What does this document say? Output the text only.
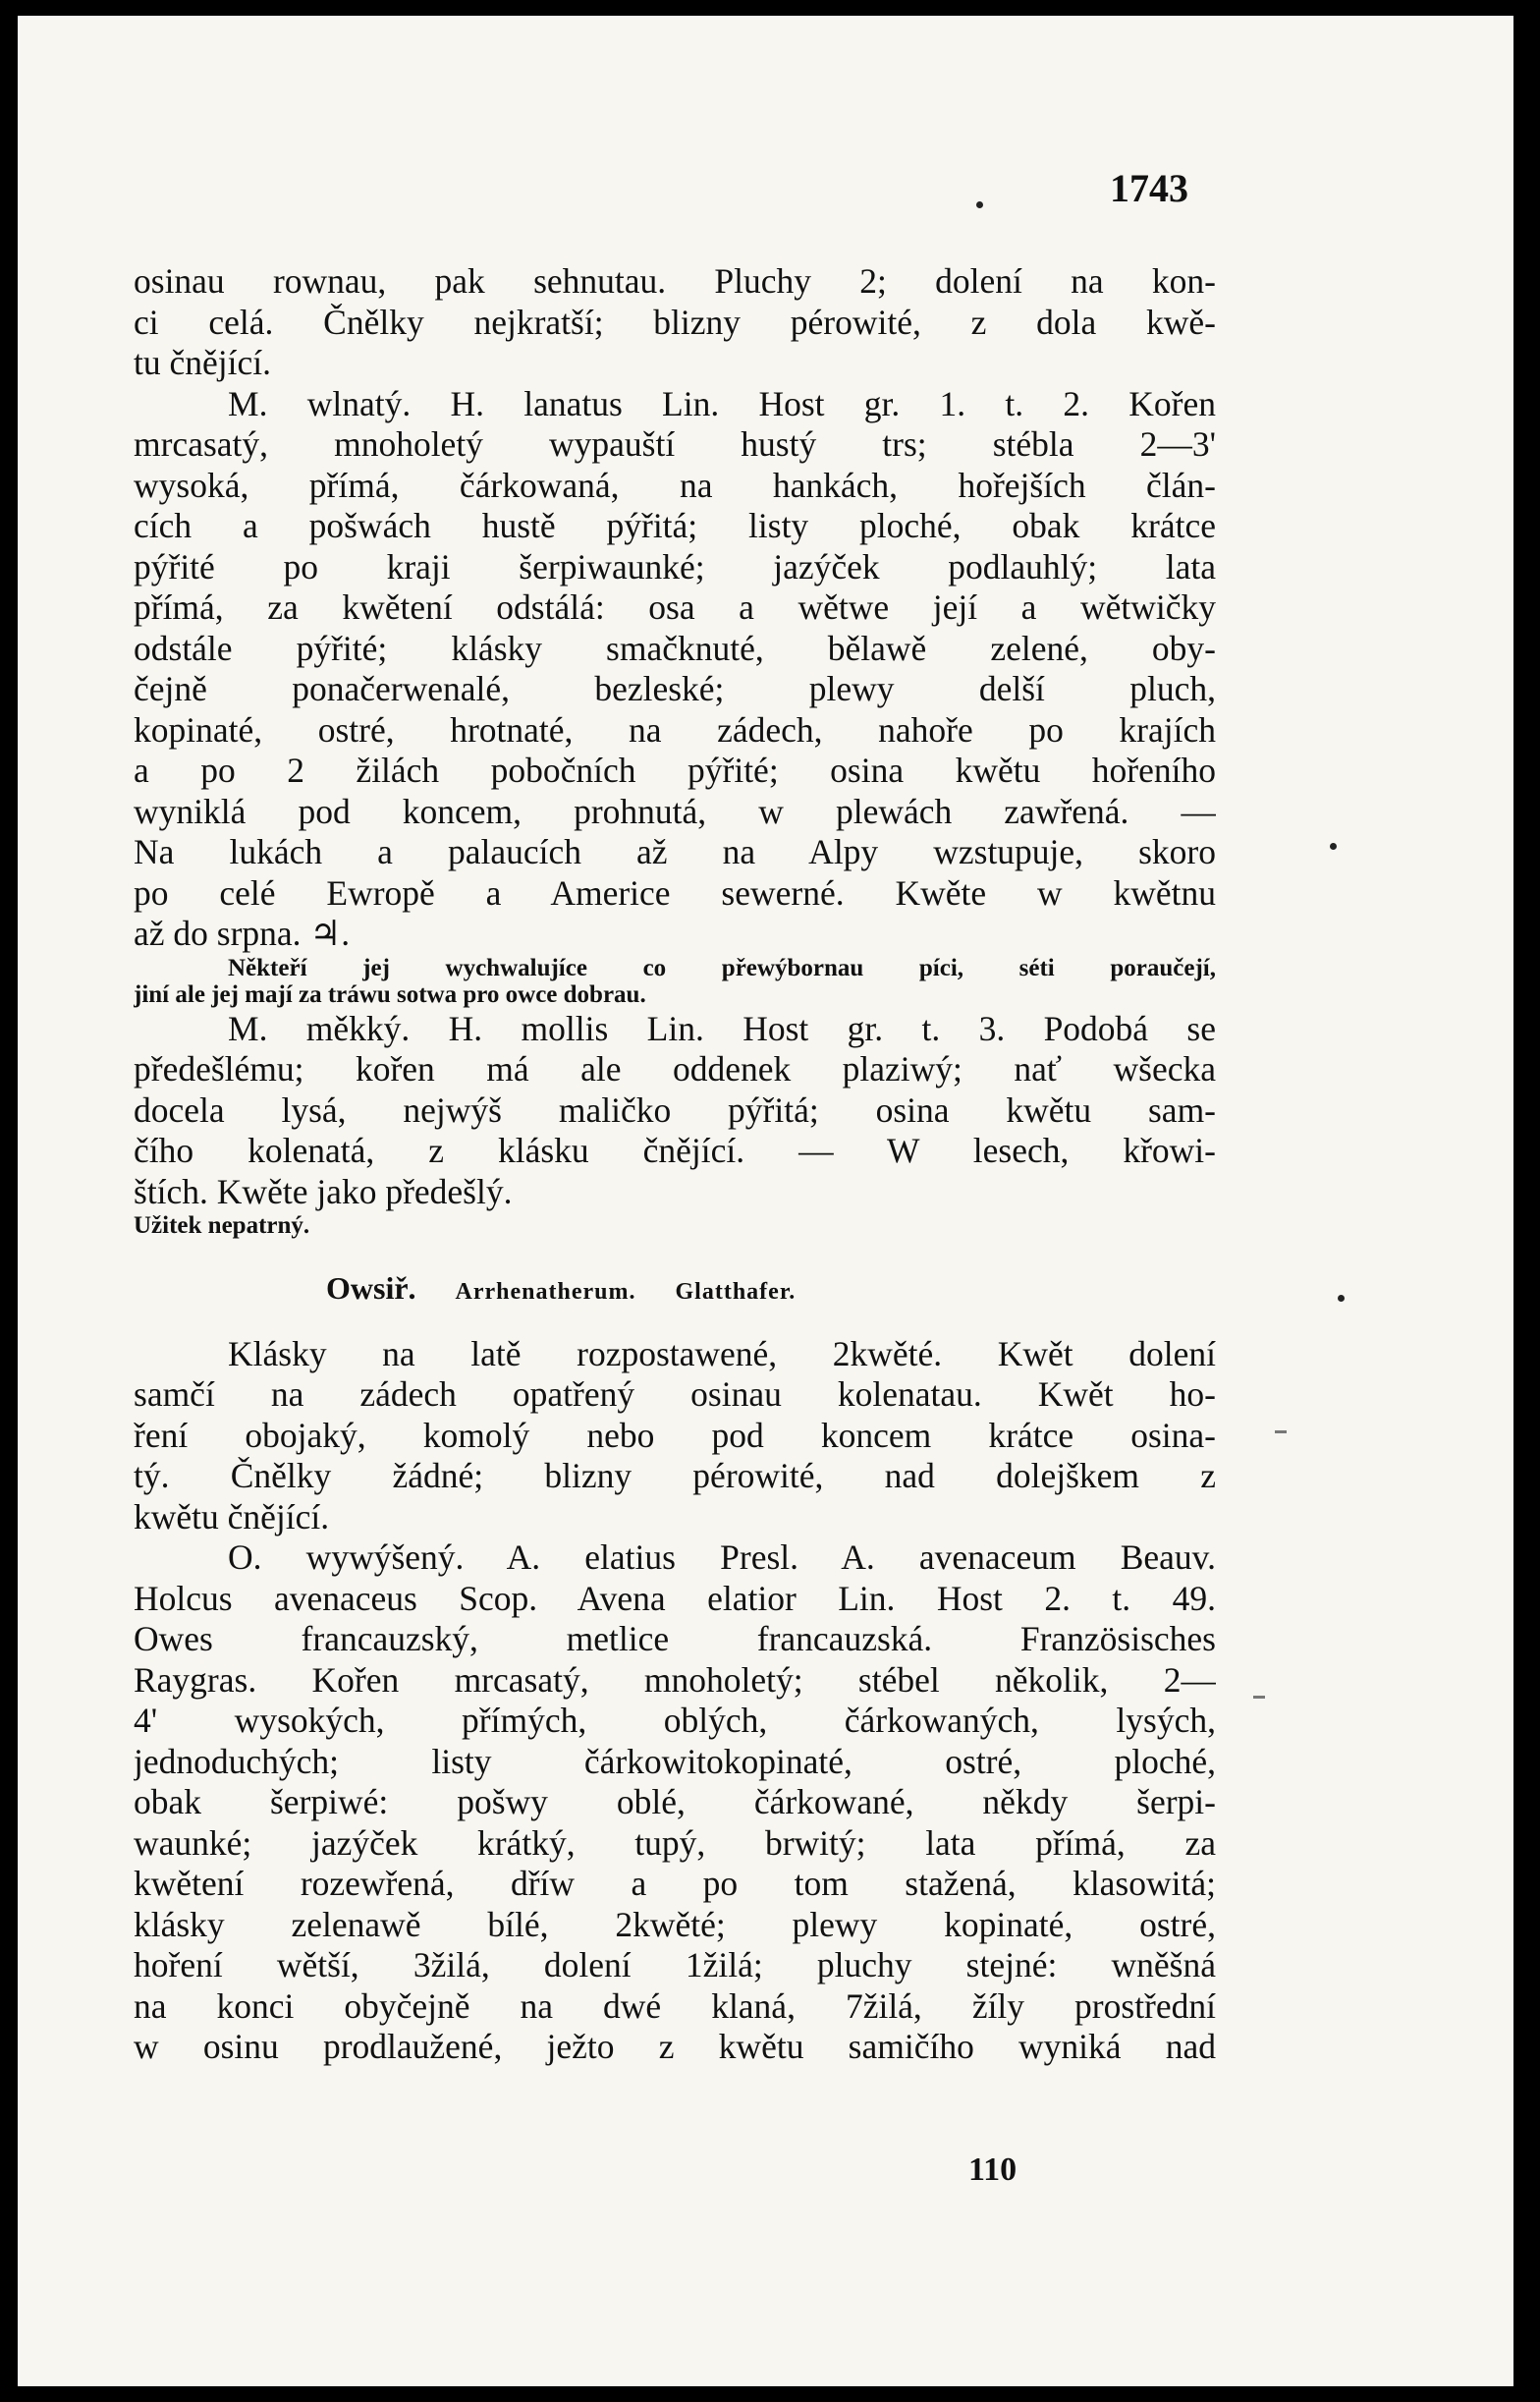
1743
osinau rownau, pak sehnutau. Pluchy 2; dolení na kon-
ci celá. Čnělky nejkratší; blizny pérowité, z dola kwě-
tu čnějící.
M. wlnatý. H. lanatus Lin. Host gr. 1. t. 2. Kořen
mrcasatý, mnoholetý wypauští hustý trs; stébla 2—3'
wysoká, přímá, čárkowaná, na hankách, hořejších člán-
cích a pošwách hustě pýřitá; listy ploché, obak krátce
pýřité po kraji šerpiwaunké; jazýček podlauhlý; lata
přímá, za kwětení odstálá: osa a wětwe její a wětwičky
odstále pýřité; klásky smačknuté, bělawě zelené, oby-
čejně ponačerwenalé, bezleské; plewy delší pluch,
kopinaté, ostré, hrotnaté, na zádech, nahoře po krajích
a po 2 žilách pobočních pýřité; osina kwětu hořeního
wyniklá pod koncem, prohnutá, w plewách zawřená. —
Na lukách a palaucích až na Alpy wzstupuje, skoro
po celé Ewropě a Americe sewerné. Kwěte w kwětnu
až do srpna. ♃.
Někteří jej wychwalujíce co přewýbornau píci, séti poraučejí,
jiní ale jej mají za tráwu sotwa pro owce dobrau.
M. měkký. H. mollis Lin. Host gr. t. 3. Podobá se
předešlému; kořen má ale oddenek plaziwý; nať wšecka
docela lysá, nejwýš maličko pýřitá; osina kwětu sam-
čího kolenatá, z klásku čnějící. — W lesech, křowi-
štích. Kwěte jako předešlý.
Užitek nepatrný.
Owsiř. Arrhenatherum. Glatthafer.
Klásky na latě rozpostawené, 2kwěté. Kwět dolení
samčí na zádech opatřený osinau kolenatau. Kwět ho-
ření obojaký, komolý nebo pod koncem krátce osina-
tý. Čnělky žádné; blizny pérowité, nad dolejškem z
kwětu čnějící.
O. wywýšený. A. elatius Presl. A. avenaceum Beauv.
Holcus avenaceus Scop. Avena elatior Lin. Host 2. t. 49.
Owes francauzský, metlice francauzská. Französisches
Raygras. Kořen mrcasatý, mnoholetý; stébel několik, 2—
4' wysokých, přímých, oblých, čárkowaných, lysých,
jednoduchých; listy čárkowitokopinaté, ostré, ploché,
obak šerpiwé: pošwy oblé, čárkowané, někdy šerpi-
waunké; jazýček krátký, tupý, brwitý; lata přímá, za
kwětení rozewřená, dříw a po tom stažená, klasowitá;
klásky zelenawě bílé, 2kwěté; plewy kopinaté, ostré,
hoření wětší, 3žilá, dolení 1žilá; pluchy stejné: wněšná
na konci obyčejně na dwé klaná, 7žilá, žíly prostřední
w osinu prodlaužené, ježto z kwětu samičího wyniká nad
110
